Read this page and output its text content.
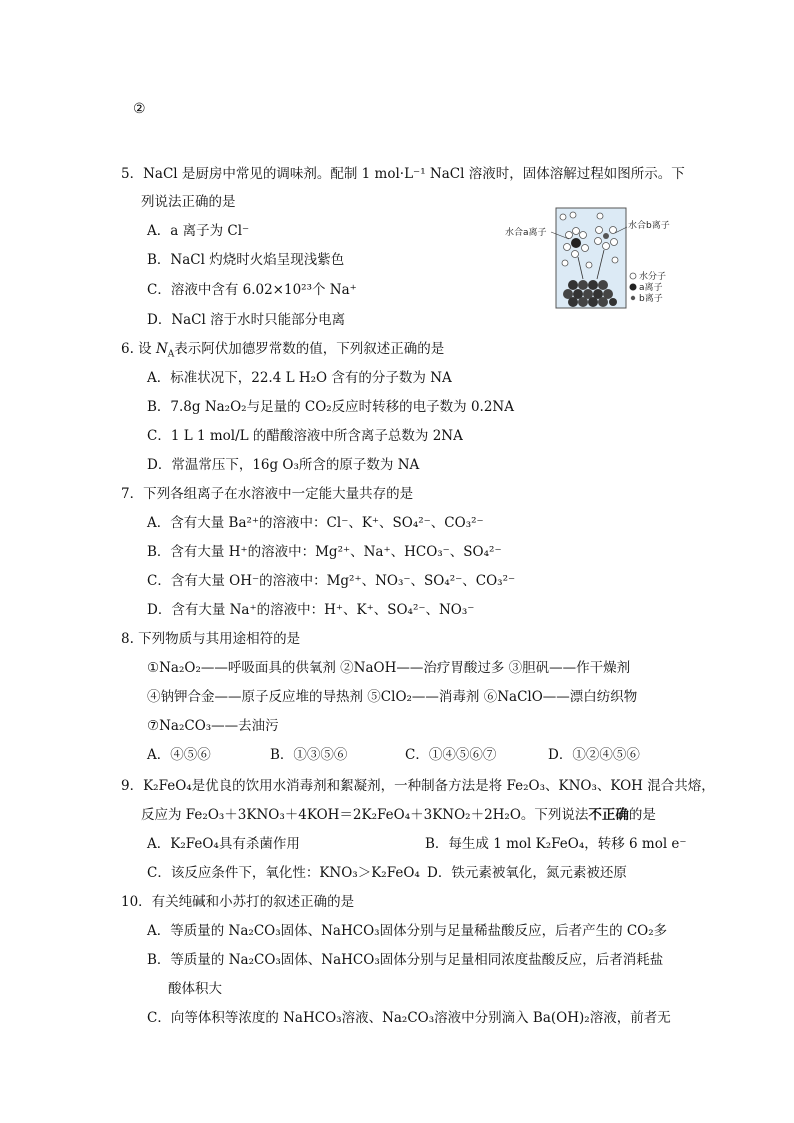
②
5．NaCl 是厨房中常见的调味剂。配制 1 mol·L⁻¹ NaCl 溶液时，固体溶解过程如图所示。下
列说法正确的是
A．a 离子为 Cl⁻
B．NaCl 灼烧时火焰呈现浅紫色
C．溶液中含有 6.02×10²³个 Na⁺
D．NaCl 溶于水时只能部分电离
水合a离子
水合b离子
水分子
a离子
b离子
6. 设 $N_A$表示阿伏加德罗常数的值，下列叙述正确的是
A．标准状况下，22.4 L H₂O 含有的分子数为 NA
B．7.8g Na₂O₂与足量的 CO₂反应时转移的电子数为 0.2NA
C．1 L 1 mol/L 的醋酸溶液中所含离子总数为 2NA
D．常温常压下，16g O₃所含的原子数为 NA
7．下列各组离子在水溶液中一定能大量共存的是
A．含有大量 Ba²⁺的溶液中：Cl⁻、K⁺、SO₄²⁻、CO₃²⁻
B．含有大量 H⁺的溶液中：Mg²⁺、Na⁺、HCO₃⁻、SO₄²⁻
C．含有大量 OH⁻的溶液中：Mg²⁺、NO₃⁻、SO₄²⁻、CO₃²⁻
D．含有大量 Na⁺的溶液中：H⁺、K⁺、SO₄²⁻、NO₃⁻
8. 下列物质与其用途相符的是
①Na₂O₂——呼吸面具的供氧剂 ②NaOH——治疗胃酸过多 ③胆矾——作干燥剂
④钠钾合金——原子反应堆的导热剂 ⑤ClO₂——消毒剂 ⑥NaClO——漂白纺织物
⑦Na₂CO₃——去油污
A．④⑤⑥	B．①③⑤⑥	C．①④⑤⑥⑦	D．①②④⑤⑥
9．K₂FeO₄是优良的饮用水消毒剂和絮凝剂，一种制备方法是将 Fe₂O₃、KNO₃、KOH 混合共熔，
反应为 Fe₂O₃＋3KNO₃＋4KOH＝2K₂FeO₄＋3KNO₂＋2H₂O。下列说法不正确的是
A．K₂FeO₄具有杀菌作用	B．每生成 1 mol K₂FeO₄，转移 6 mol e⁻
C．该反应条件下，氧化性：KNO₃＞K₂FeO₄ D．铁元素被氧化，氮元素被还原
10．有关纯碱和小苏打的叙述正确的是
A．等质量的 Na₂CO₃固体、NaHCO₃固体分别与足量稀盐酸反应，后者产生的 CO₂多
B．等质量的 Na₂CO₃固体、NaHCO₃固体分别与足量相同浓度盐酸反应，后者消耗盐
酸体积大
C．向等体积等浓度的 NaHCO₃溶液、Na₂CO₃溶液中分别滴入 Ba(OH)₂溶液，前者无
